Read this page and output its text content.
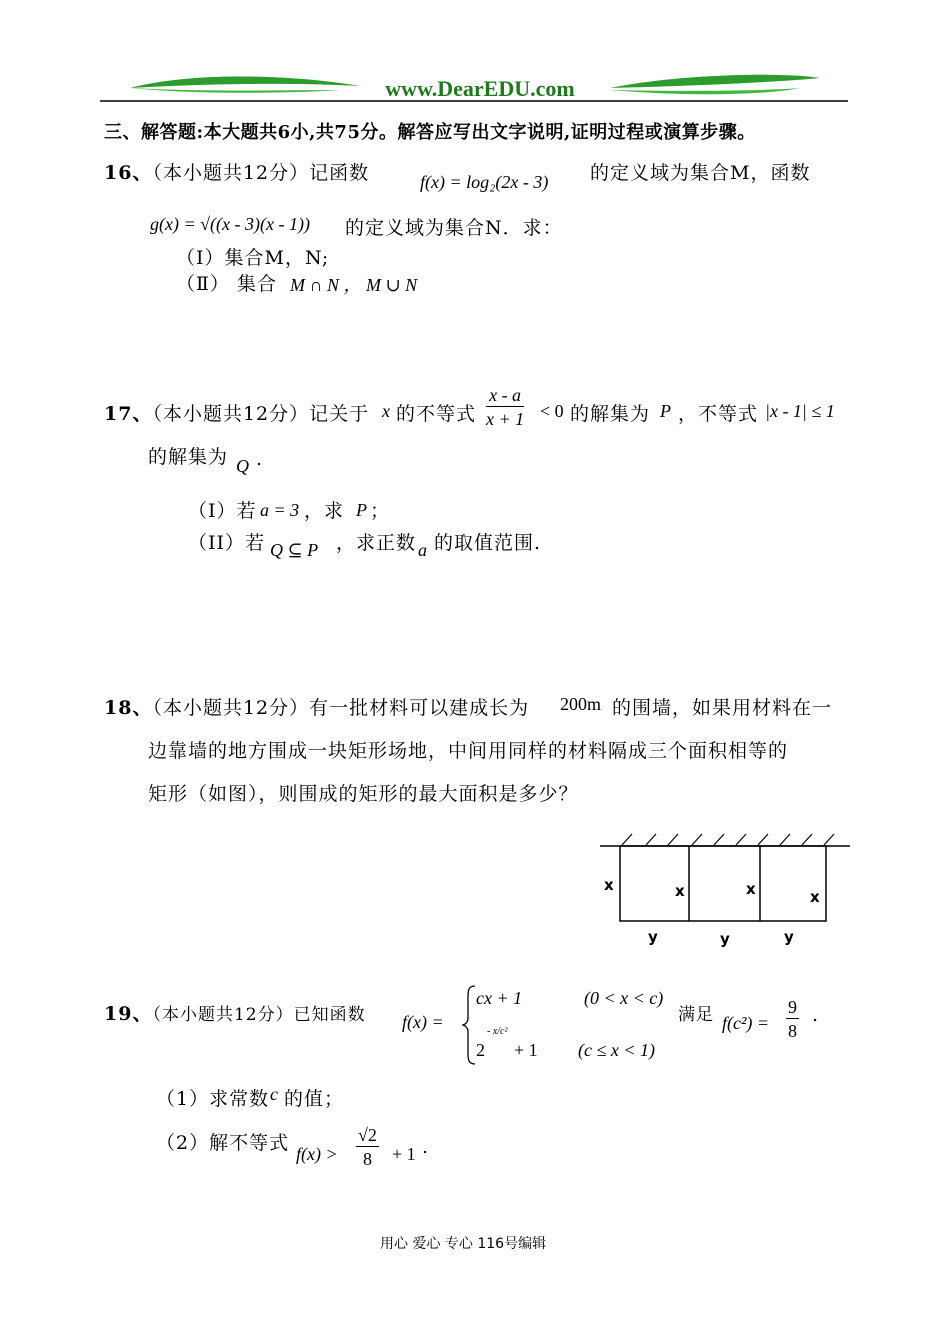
www.DearEDU.com
三、解答题:本大题共6小,共75分。解答应写出文字说明,证明过程或演算步骤。
16、（本小题共12分）记函数	f(x) = log₂(2x - 3) 的定义域为集合M，函数
g(x) = √((x - 3)(x - 1)) 的定义域为集合N．求：
（Ⅰ）集合M，N;
（Ⅱ） 集合 M ∩ N ， M ∪ N
17、（本小题共12分）记关于 x 的不等式 $\frac{x - a}{x + 1} < 0$ 的解集为 P ，不等式 |x - 1| ≤ 1
的解集为 Q .
（I）若 a = 3 ，求 P ；
（II）若 Q ⊆ P ，求正数 a 的取值范围.
18、（本小题共12分）有一批材料可以建成长为 200m 的围墙，如果用材料在一
边靠墙的地方围成一块矩形场地，中间用同样的材料隔成三个面积相等的
矩形（如图），则围成的矩形的最大面积是多少？
x	x	x	x
y	y	y
19、（本小题共12分）已知函数 f(x) =
cx + 1	(0 < x < c)
2
- x/c²
+ 1 (c ≤ x < 1)
满足 $f(c^2) = \frac{9}{8}$ .
（1）求常数 c 的值；
（2）解不等式 $f(x) > \frac{√2}{8} + 1$ .
用心 爱心 专心 116号编辑
